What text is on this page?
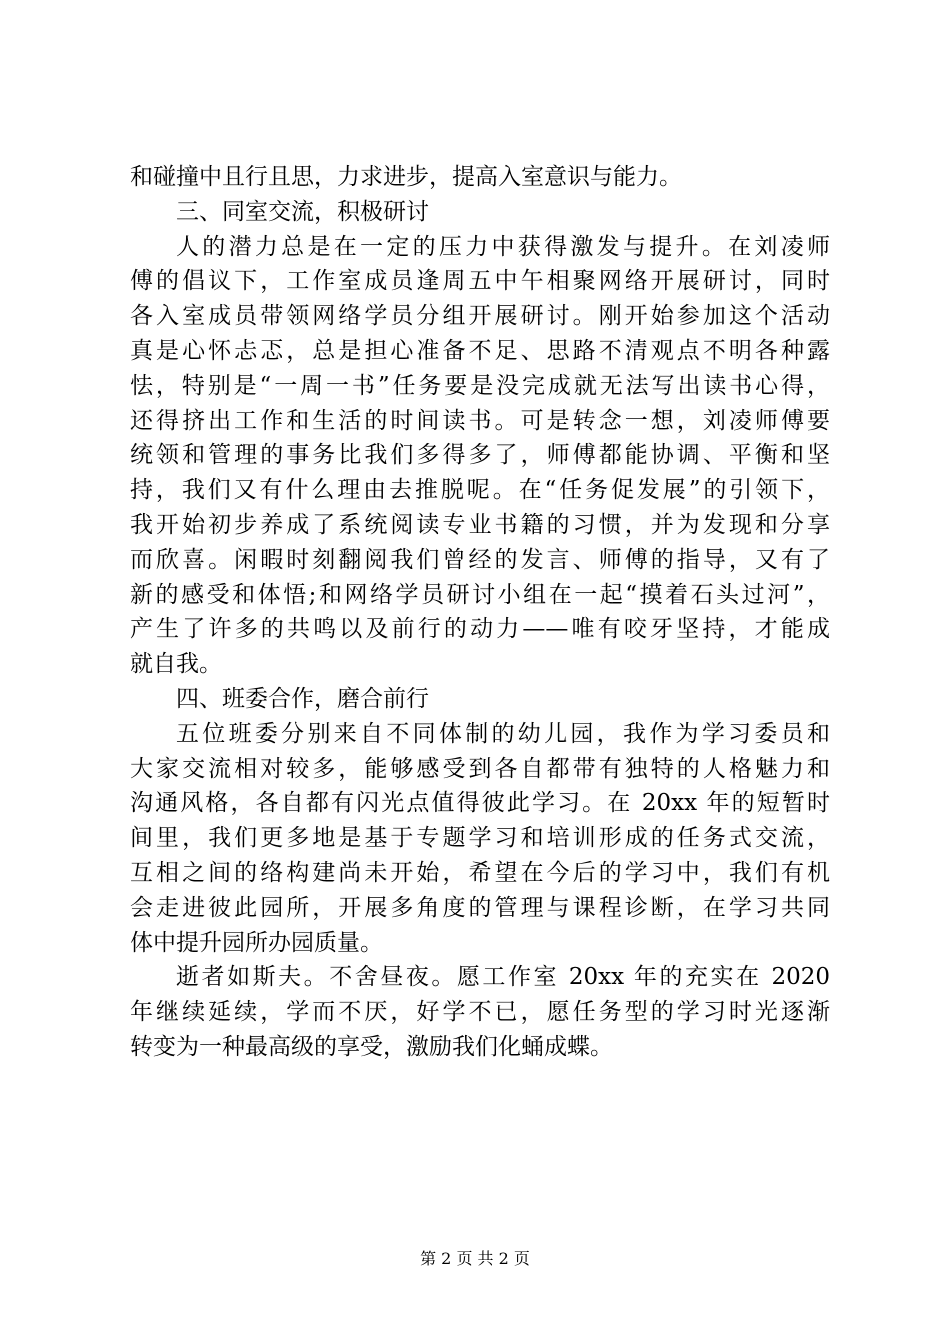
和碰撞中且行且思，力求进步，提高入室意识与能力。
三、同室交流，积极研讨
人的潜力总是在一定的压力中获得激发与提升。在刘凌师
傅的倡议下，工作室成员逢周五中午相聚网络开展研讨，同时
各入室成员带领网络学员分组开展研讨。刚开始参加这个活动
真是心怀忐忑，总是担心准备不足、思路不清观点不明各种露
怯，特别是“一周一书”任务要是没完成就无法写出读书心得，
还得挤出工作和生活的时间读书。可是转念一想，刘凌师傅要
统领和管理的事务比我们多得多了，师傅都能协调、平衡和坚
持，我们又有什么理由去推脱呢。在“任务促发展”的引领下，
我开始初步养成了系统阅读专业书籍的习惯，并为发现和分享
而欣喜。闲暇时刻翻阅我们曾经的发言、师傅的指导，又有了
新的感受和体悟;和网络学员研讨小组在一起“摸着石头过河”，
产生了许多的共鸣以及前行的动力——唯有咬牙坚持，才能成
就自我。
四、班委合作，磨合前行
五位班委分别来自不同体制的幼儿园，我作为学习委员和
大家交流相对较多，能够感受到各自都带有独特的人格魅力和
沟通风格，各自都有闪光点值得彼此学习。在 20xx 年的短暂时
间里，我们更多地是基于专题学习和培训形成的任务式交流，
互相之间的络构建尚未开始，希望在今后的学习中，我们有机
会走进彼此园所，开展多角度的管理与课程诊断，在学习共同
体中提升园所办园质量。
逝者如斯夫。不舍昼夜。愿工作室 20xx 年的充实在 2020
年继续延续，学而不厌，好学不已，愿任务型的学习时光逐渐
转变为一种最高级的享受，激励我们化蛹成蝶。
第 2 页 共 2 页
